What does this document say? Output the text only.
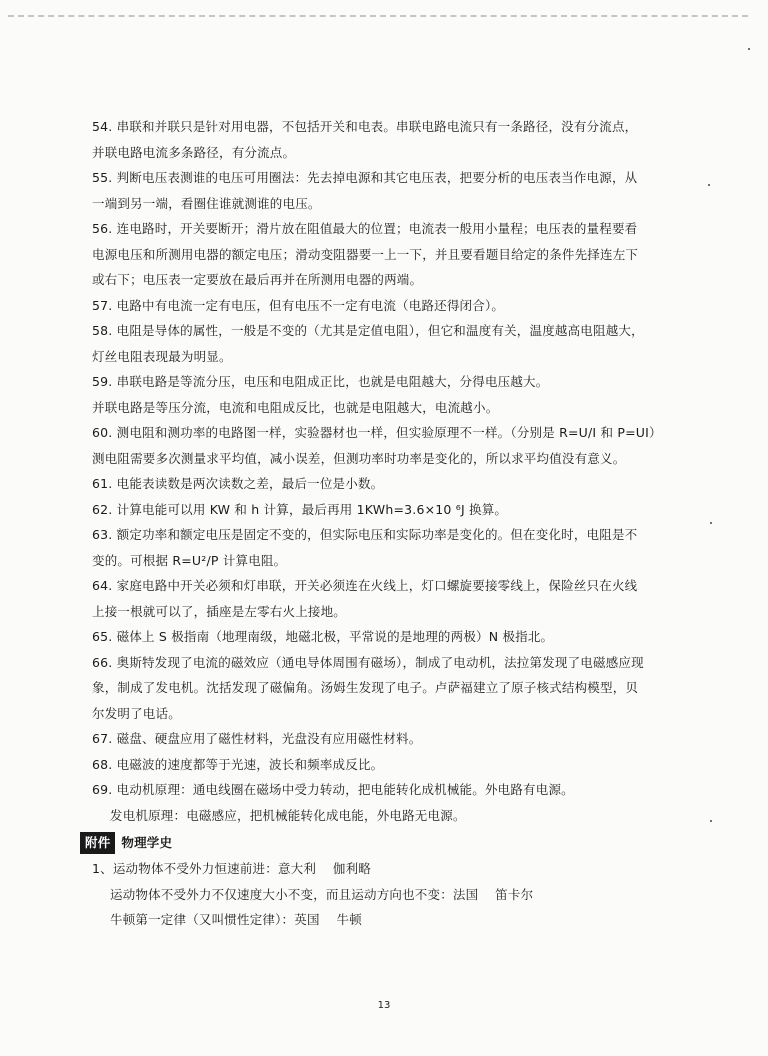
54. 串联和并联只是针对用电器，不包括开关和电表。串联电路电流只有一条路径，没有分流点，
并联电路电流多条路径，有分流点。
55. 判断电压表测谁的电压可用圈法：先去掉电源和其它电压表，把要分析的电压表当作电源，从
一端到另一端，看圈住谁就测谁的电压。
56. 连电路时，开关要断开；滑片放在阻值最大的位置；电流表一般用小量程；电压表的量程要看
电源电压和所测用电器的额定电压；滑动变阻器要一上一下，并且要看题目给定的条件先择连左下
或右下；电压表一定要放在最后再并在所测用电器的两端。
57. 电路中有电流一定有电压，但有电压不一定有电流（电路还得闭合）。
58. 电阻是导体的属性，一般是不变的（尤其是定值电阻），但它和温度有关，温度越高电阻越大，
灯丝电阻表现最为明显。
59. 串联电路是等流分压，电压和电阻成正比，也就是电阻越大，分得电压越大。
并联电路是等压分流，电流和电阻成反比，也就是电阻越大，电流越小。
60. 测电阻和测功率的电路图一样，实验器材也一样，但实验原理不一样。（分别是 R=U/I 和 P=UI）
测电阻需要多次测量求平均值，减小误差，但测功率时功率是变化的，所以求平均值没有意义。
61. 电能表读数是两次读数之差，最后一位是小数。
62. 计算电能可以用 KW 和 h 计算，最后再用 1KWh=3.6×10 ⁶J 换算。
63. 额定功率和额定电压是固定不变的，但实际电压和实际功率是变化的。但在变化时，电阻是不
变的。可根据 R=U²/P 计算电阻。
64. 家庭电路中开关必须和灯串联，开关必须连在火线上，灯口螺旋要接零线上，保险丝只在火线
上接一根就可以了，插座是左零右火上接地。
65. 磁体上 S 极指南（地理南级，地磁北极，平常说的是地理的两极）N 极指北。
66. 奥斯特发现了电流的磁效应（通电导体周围有磁场），制成了电动机，法拉第发现了电磁感应现
象，制成了发电机。沈括发现了磁偏角。汤姆生发现了电子。卢萨福建立了原子核式结构模型，贝
尔发明了电话。
67. 磁盘、硬盘应用了磁性材料，光盘没有应用磁性材料。
68. 电磁波的速度都等于光速，波长和频率成反比。
69. 电动机原理：通电线圈在磁场中受力转动，把电能转化成机械能。外电路有电源。
发电机原理：电磁感应，把机械能转化成电能，外电路无电源。
附件 物理学史
1、运动物体不受外力恒速前进：意大利　 伽利略
运动物体不受外力不仅速度大小不变，而且运动方向也不变：法国　 笛卡尔
牛顿第一定律（又叫惯性定律）：英国　 牛顿
13
